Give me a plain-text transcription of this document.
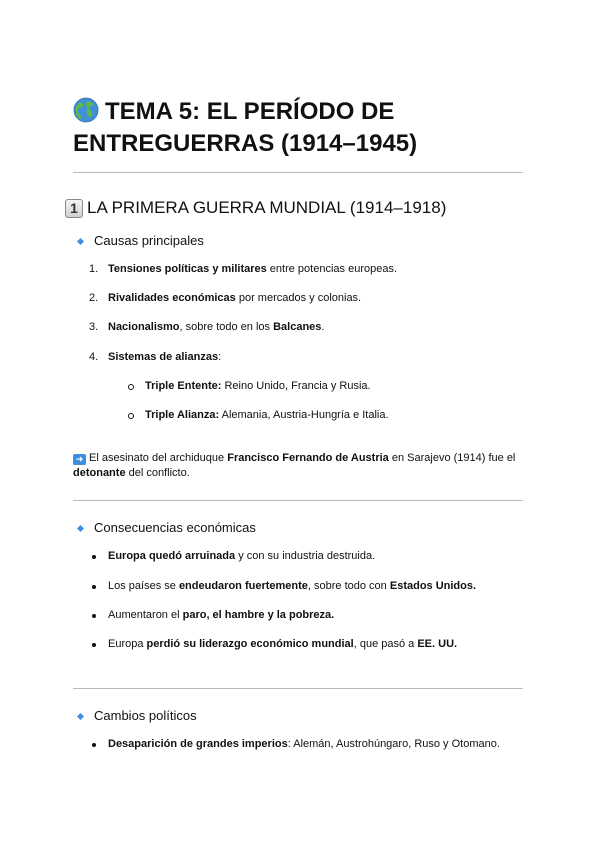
TEMA 5: EL PERÍODO DE ENTREGUERRAS (1914–1945)
1 LA PRIMERA GUERRA MUNDIAL (1914–1918)
Causas principales
1. Tensiones políticas y militares entre potencias europeas.

2. Rivalidades económicas por mercados y colonias.

3. Nacionalismo, sobre todo en los Balcanes.

4. Sistemas de alianzas:

Triple Entente: Reino Unido, Francia y Rusia.

Triple Alianza: Alemania, Austria-Hungría e Italia.

➜ El asesinato del archiduque Francisco Fernando de Austria en Sarajevo (1914) fue el detonante del conflicto.

Consecuencias económicas

Europa quedó arruinada y con su industria destruida.

Los países se endeudaron fuertemente, sobre todo con Estados Unidos.

Aumentaron el paro, el hambre y la pobreza.

Europa perdió su liderazgo económico mundial, que pasó a EE. UU.

Cambios políticos

Desaparición de grandes imperios: Alemán, Austrohúngaro, Ruso y Otomano.
